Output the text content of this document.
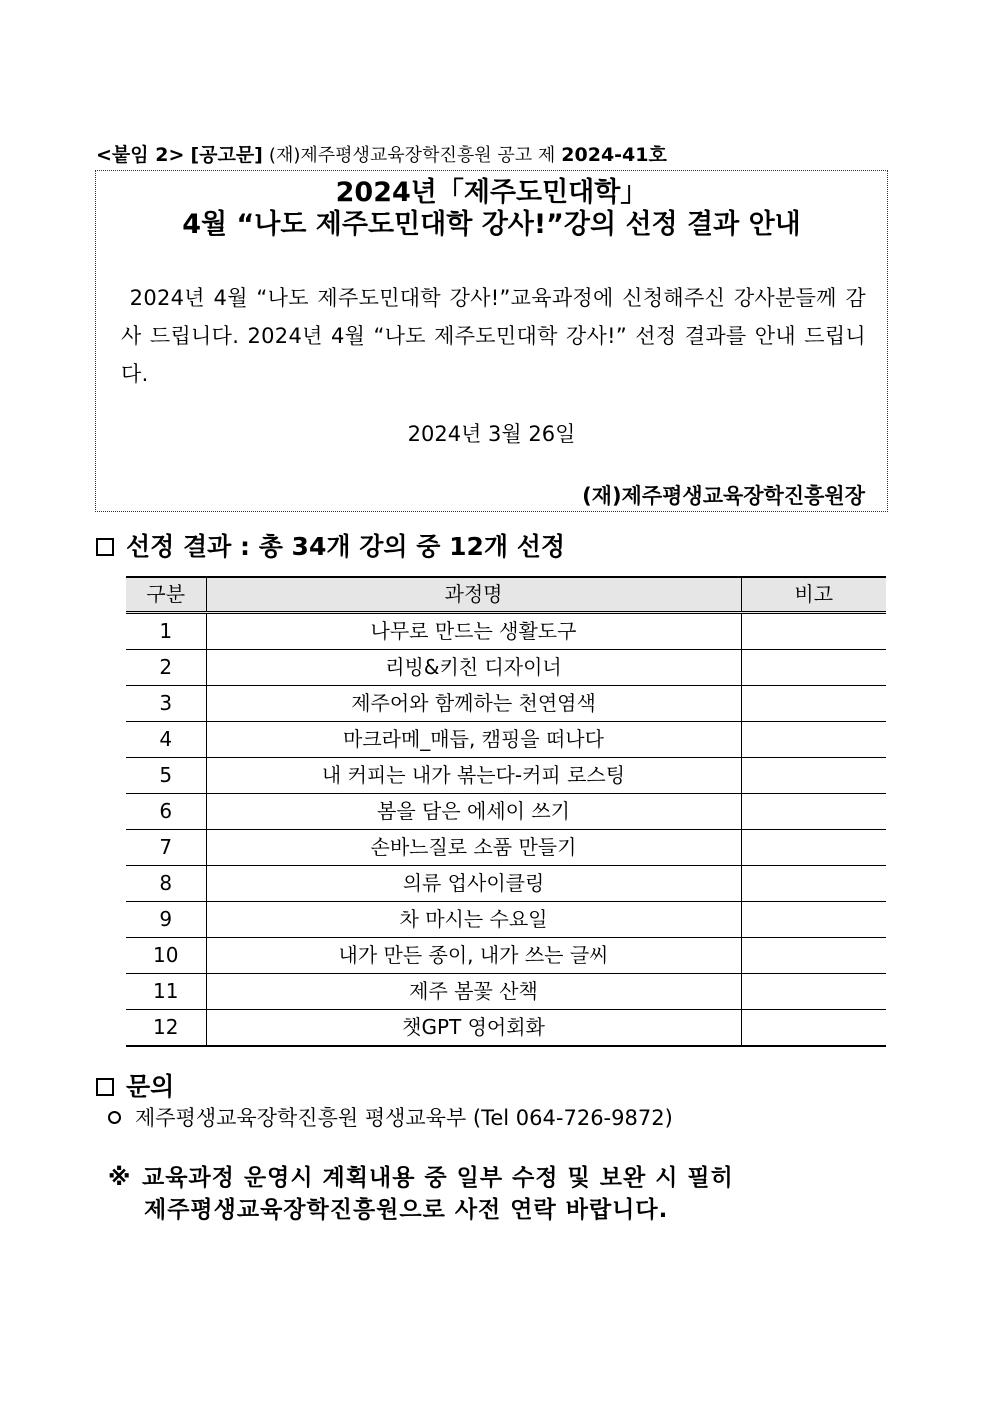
<붙임 2> [공고문] (재)제주평생교육장학진흥원 공고 제 2024-41호
2024년「제주도민대학」
4월 “나도 제주도민대학 강사!”강의 선정 결과 안내
2024년 4월 “나도 제주도민대학 강사!”교육과정에 신청해주신 강사분들께 감사 드립니다. 2024년 4월 “나도 제주도민대학 강사!” 선정 결과를 안내 드립니다.
2024년 3월 26일
(재)제주평생교육장학진흥원장
선정 결과 : 총 34개 강의 중 12개 선정
구분	과정명	비고
1	나무로 만드는 생활도구	
2	리빙&키친 디자이너	
3	제주어와 함께하는 천연염색	
4	마크라메_매듭, 캠핑을 떠나다	
5	내 커피는 내가 볶는다-커피 로스팅	
6	봄을 담은 에세이 쓰기	
7	손바느질로 소품 만들기	
8	의류 업사이클링	
9	차 마시는 수요일	
10	내가 만든 종이, 내가 쓰는 글씨	
11	제주 봄꽃 산책	
12	챗GPT 영어회화	
문의
제주평생교육장학진흥원 평생교육부 (Tel 064-726-9872)
※ 교육과정 운영시 계획내용 중 일부 수정 및 보완 시 필히
제주평생교육장학진흥원으로 사전 연락 바랍니다.
